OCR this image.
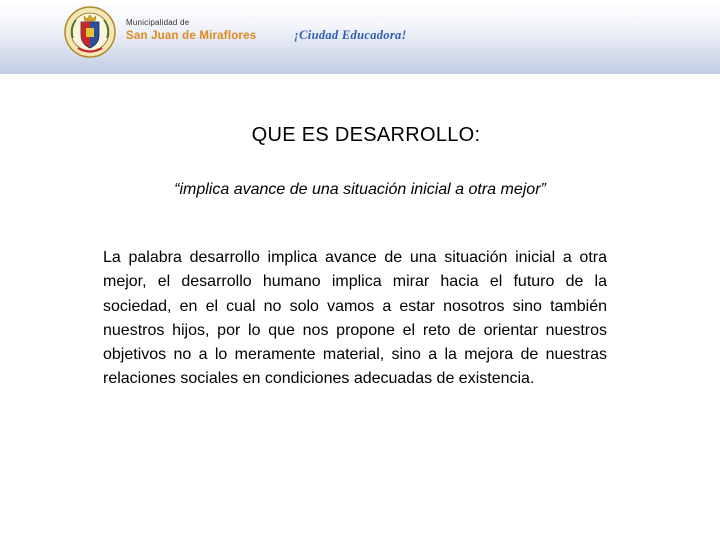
Municipalidad de
San Juan de Miraflores	¡Ciudad Educadora!
QUE ES DESARROLLO:
“implica avance de una situación inicial a otra mejor”
La palabra desarrollo implica avance de una situación inicial a otra mejor, el desarrollo humano implica mirar hacia el futuro de la sociedad, en el cual no solo vamos a estar nosotros sino también nuestros hijos, por lo que nos propone el reto de orientar nuestros objetivos no a lo meramente material, sino a la mejora de nuestras relaciones sociales en condiciones adecuadas de existencia.
